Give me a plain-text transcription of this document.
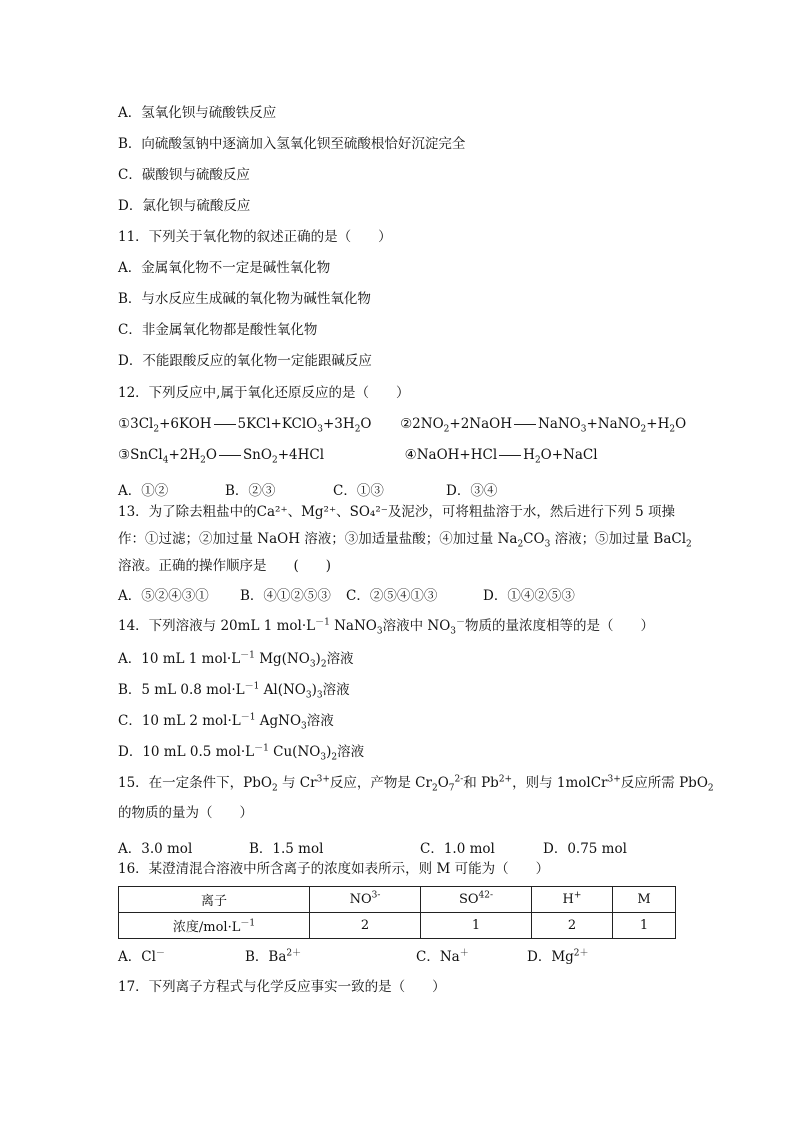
A．氢氧化钡与硫酸铁反应
B．向硫酸氢钠中逐滴加入氢氧化钡至硫酸根恰好沉淀完全
C．碳酸钡与硫酸反应
D．氯化钡与硫酸反应
11．下列关于氧化物的叙述正确的是（　　）
A．金属氧化物不一定是碱性氧化物
B．与水反应生成碱的氧化物为碱性氧化物
C．非金属氧化物都是酸性氧化物
D．不能跟酸反应的氧化物一定能跟碱反应
12．下列反应中,属于氧化还原反应的是（　　）
$①3Cl_2+6KOH$ $5KCl+KClO_3+3H_2O$  $②2NO_2+2NaOH$ $NaNO_3+NaNO_2+H_2O$
$③SnCl_4+2H_2O$ SnO$_2$+4HCl	④NaOH+HCl $H_2O+NaCl$
A．①②	B．②③	C．①③	D．③④
13．为了除去粗盐中的Ca²⁺、Mg²⁺、SO₄²⁻及泥沙，可将粗盐溶于水，然后进行下列 5 项操
作：①过滤；②加过量 NaOH 溶液；③加适量盐酸；④加过量 $Na_2CO_3$ 溶液；⑤加过量 BaCl$_2$
溶液。正确的操作顺序是　　(　　)
A．⑤②④③① B．④①②⑤③ C．②⑤④①③	D．①④②⑤③
14．下列溶液与 20mL 1 $mol\cdot L^{-1}$ NaNO$_3$溶液中 $NO_3^-$物质的量浓度相等的是（　　）
A．10 mL 1 $mol\cdot L^{-1}$ $Mg(NO_3)_2$溶液
B．5 mL 0.8 $mol\cdot L^{-1}$ $Al(NO_3)_3$溶液
C．10 mL 2 $mol\cdot L^{-1}$ AgNO$_3$溶液
D．10 mL 0.5 $mol\cdot L^{-1}$ $Cu(NO_3)_2$溶液
15．在一定条件下，PbO$_2$ 与 $Cr^{3+}$反应，产物是 $Cr_2O_7^{2-}$和 $Pb^{2+}$，则与 1molCr$^{3+}$反应所需 PbO$_2$
的物质的量为（　　）
A．3.0 mol	B．1.5 mol	C．1.0 mol	D．0.75 mol
16．某澄清混合溶液中所含离子的浓度如表所示，则 M 可能为（　　）
离子	$NO^{3-}$	$SO^{42-}$	H+	M
浓度$/mol\cdot L^{-1}$	2	1	2	1
A．Cl－	B．$Ba^{2+}$	C．Na＋	D．$Mg^{2+}$
17．下列离子方程式与化学反应事实一致的是（　　）
